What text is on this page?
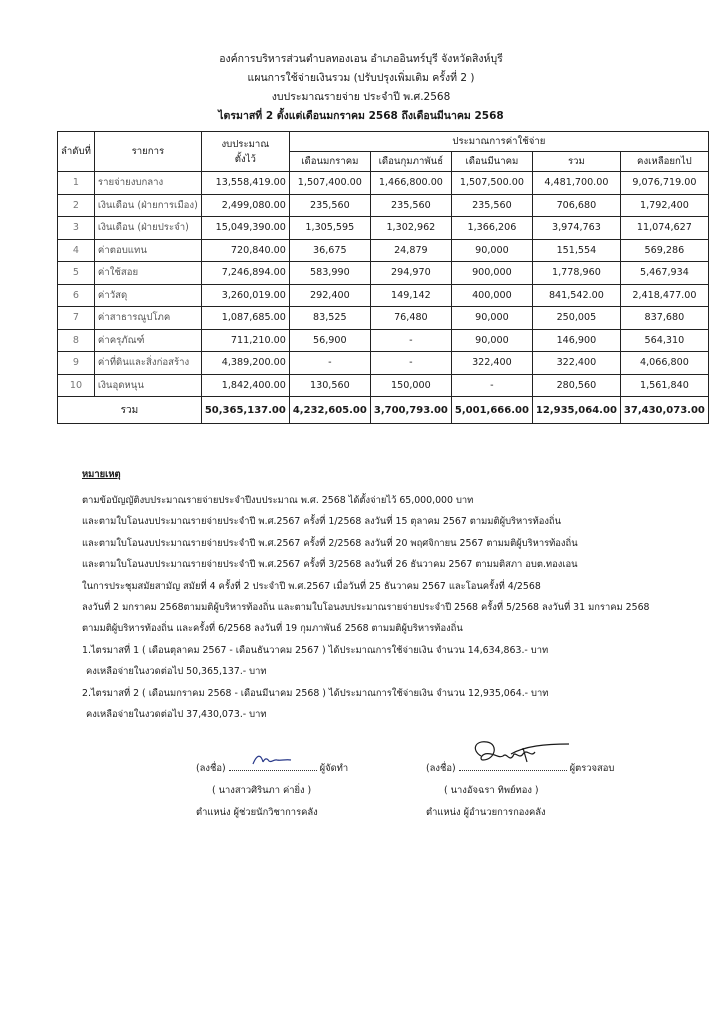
องค์การบริหารส่วนตำบลทองเอน อำเภออินทร์บุรี จังหวัดสิงห์บุรี
แผนการใช้จ่ายเงินรวม (ปรับปรุงเพิ่มเติม ครั้งที่ 2 )
งบประมาณรายจ่าย ประจำปี พ.ศ.2568
ไตรมาสที่ 2 ตั้งแต่เดือนมกราคม 2568 ถึงเดือนมีนาคม 2568
ลำดับที่	รายการ	งบประมาณ
ตั้งไว้	ประมาณการค่าใช้จ่าย				
			เดือนมกราคม	เดือนกุมภาพันธ์	เดือนมีนาคม	รวม	คงเหลือยกไป
1	รายจ่ายงบกลาง	13,558,419.00	1,507,400.00	1,466,800.00	1,507,500.00	4,481,700.00	9,076,719.00
2	เงินเดือน (ฝ่ายการเมือง)	2,499,080.00	235,560	235,560	235,560	706,680	1,792,400
3	เงินเดือน (ฝ่ายประจำ)	15,049,390.00	1,305,595	1,302,962	1,366,206	3,974,763	11,074,627
4	ค่าตอบแทน	720,840.00	36,675	24,879	90,000	151,554	569,286
5	ค่าใช้สอย	7,246,894.00	583,990	294,970	900,000	1,778,960	5,467,934
6	ค่าวัสดุ	3,260,019.00	292,400	149,142	400,000	841,542.00	2,418,477.00
7	ค่าสาธารณูปโภค	1,087,685.00	83,525	76,480	90,000	250,005	837,680
8	ค่าครุภัณฑ์	711,210.00	56,900	-	90,000	146,900	564,310
9	ค่าที่ดินและสิ่งก่อสร้าง	4,389,200.00	-	-	322,400	322,400	4,066,800
10	เงินอุดหนุน	1,842,400.00	130,560	150,000	-	280,560	1,561,840
รวม		50,365,137.00	4,232,605.00	3,700,793.00	5,001,666.00	12,935,064.00	37,430,073.00
หมายเหตุ
ตามข้อบัญญัติงบประมาณรายจ่ายประจำปีงบประมาณ พ.ศ. 2568 ได้ตั้งจ่ายไว้ 65,000,000 บาท
และตามใบโอนงบประมาณรายจ่ายประจำปี พ.ศ.2567 ครั้งที่ 1/2568 ลงวันที่ 15 ตุลาคม 2567 ตามมติผู้บริหารท้องถิ่น
และตามใบโอนงบประมาณรายจ่ายประจำปี พ.ศ.2567 ครั้งที่ 2/2568 ลงวันที่ 20 พฤศจิกายน 2567 ตามมติผู้บริหารท้องถิ่น
และตามใบโอนงบประมาณรายจ่ายประจำปี พ.ศ.2567 ครั้งที่ 3/2568 ลงวันที่ 26 ธันวาคม 2567 ตามมติสภา อบต.ทองเอน
ในการประชุมสมัยสามัญ สมัยที่ 4 ครั้งที่ 2 ประจำปี พ.ศ.2567 เมื่อวันที่ 25 ธันวาคม 2567 และโอนครั้งที่ 4/2568
ลงวันที่ 2 มกราคม 2568ตามมติผู้บริหารท้องถิ่น และตามใบโอนงบประมาณรายจ่ายประจำปี 2568 ครั้งที่ 5/2568 ลงวันที่ 31 มกราคม 2568
ตามมติผู้บริหารท้องถิ่น และครั้งที่ 6/2568 ลงวันที่ 19 กุมภาพันธ์ 2568 ตามมติผู้บริหารท้องถิ่น
1.ไตรมาสที่ 1 ( เดือนตุลาคม 2567 - เดือนธันวาคม 2567 ) ได้ประมาณการใช้จ่ายเงิน จำนวน 14,634,863.- บาท
คงเหลือจ่ายในงวดต่อไป 50,365,137.- บาท
2.ไตรมาสที่ 2 ( เดือนมกราคม 2568 - เดือนมีนาคม 2568 ) ได้ประมาณการใช้จ่ายเงิน จำนวน 12,935,064.- บาท
คงเหลือจ่ายในงวดต่อไป 37,430,073.- บาท
(ลงชื่อ)	ผู้จัดทำ
( นางสาวศิรินภา ค่ายิ่ง )
ตำแหน่ง ผู้ช่วยนักวิชาการคลัง
(ลงชื่อ)	ผู้ตรวจสอบ
( นางอัจฉรา ทิพย์ทอง )
ตำแหน่ง ผู้อำนวยการกองคลัง
